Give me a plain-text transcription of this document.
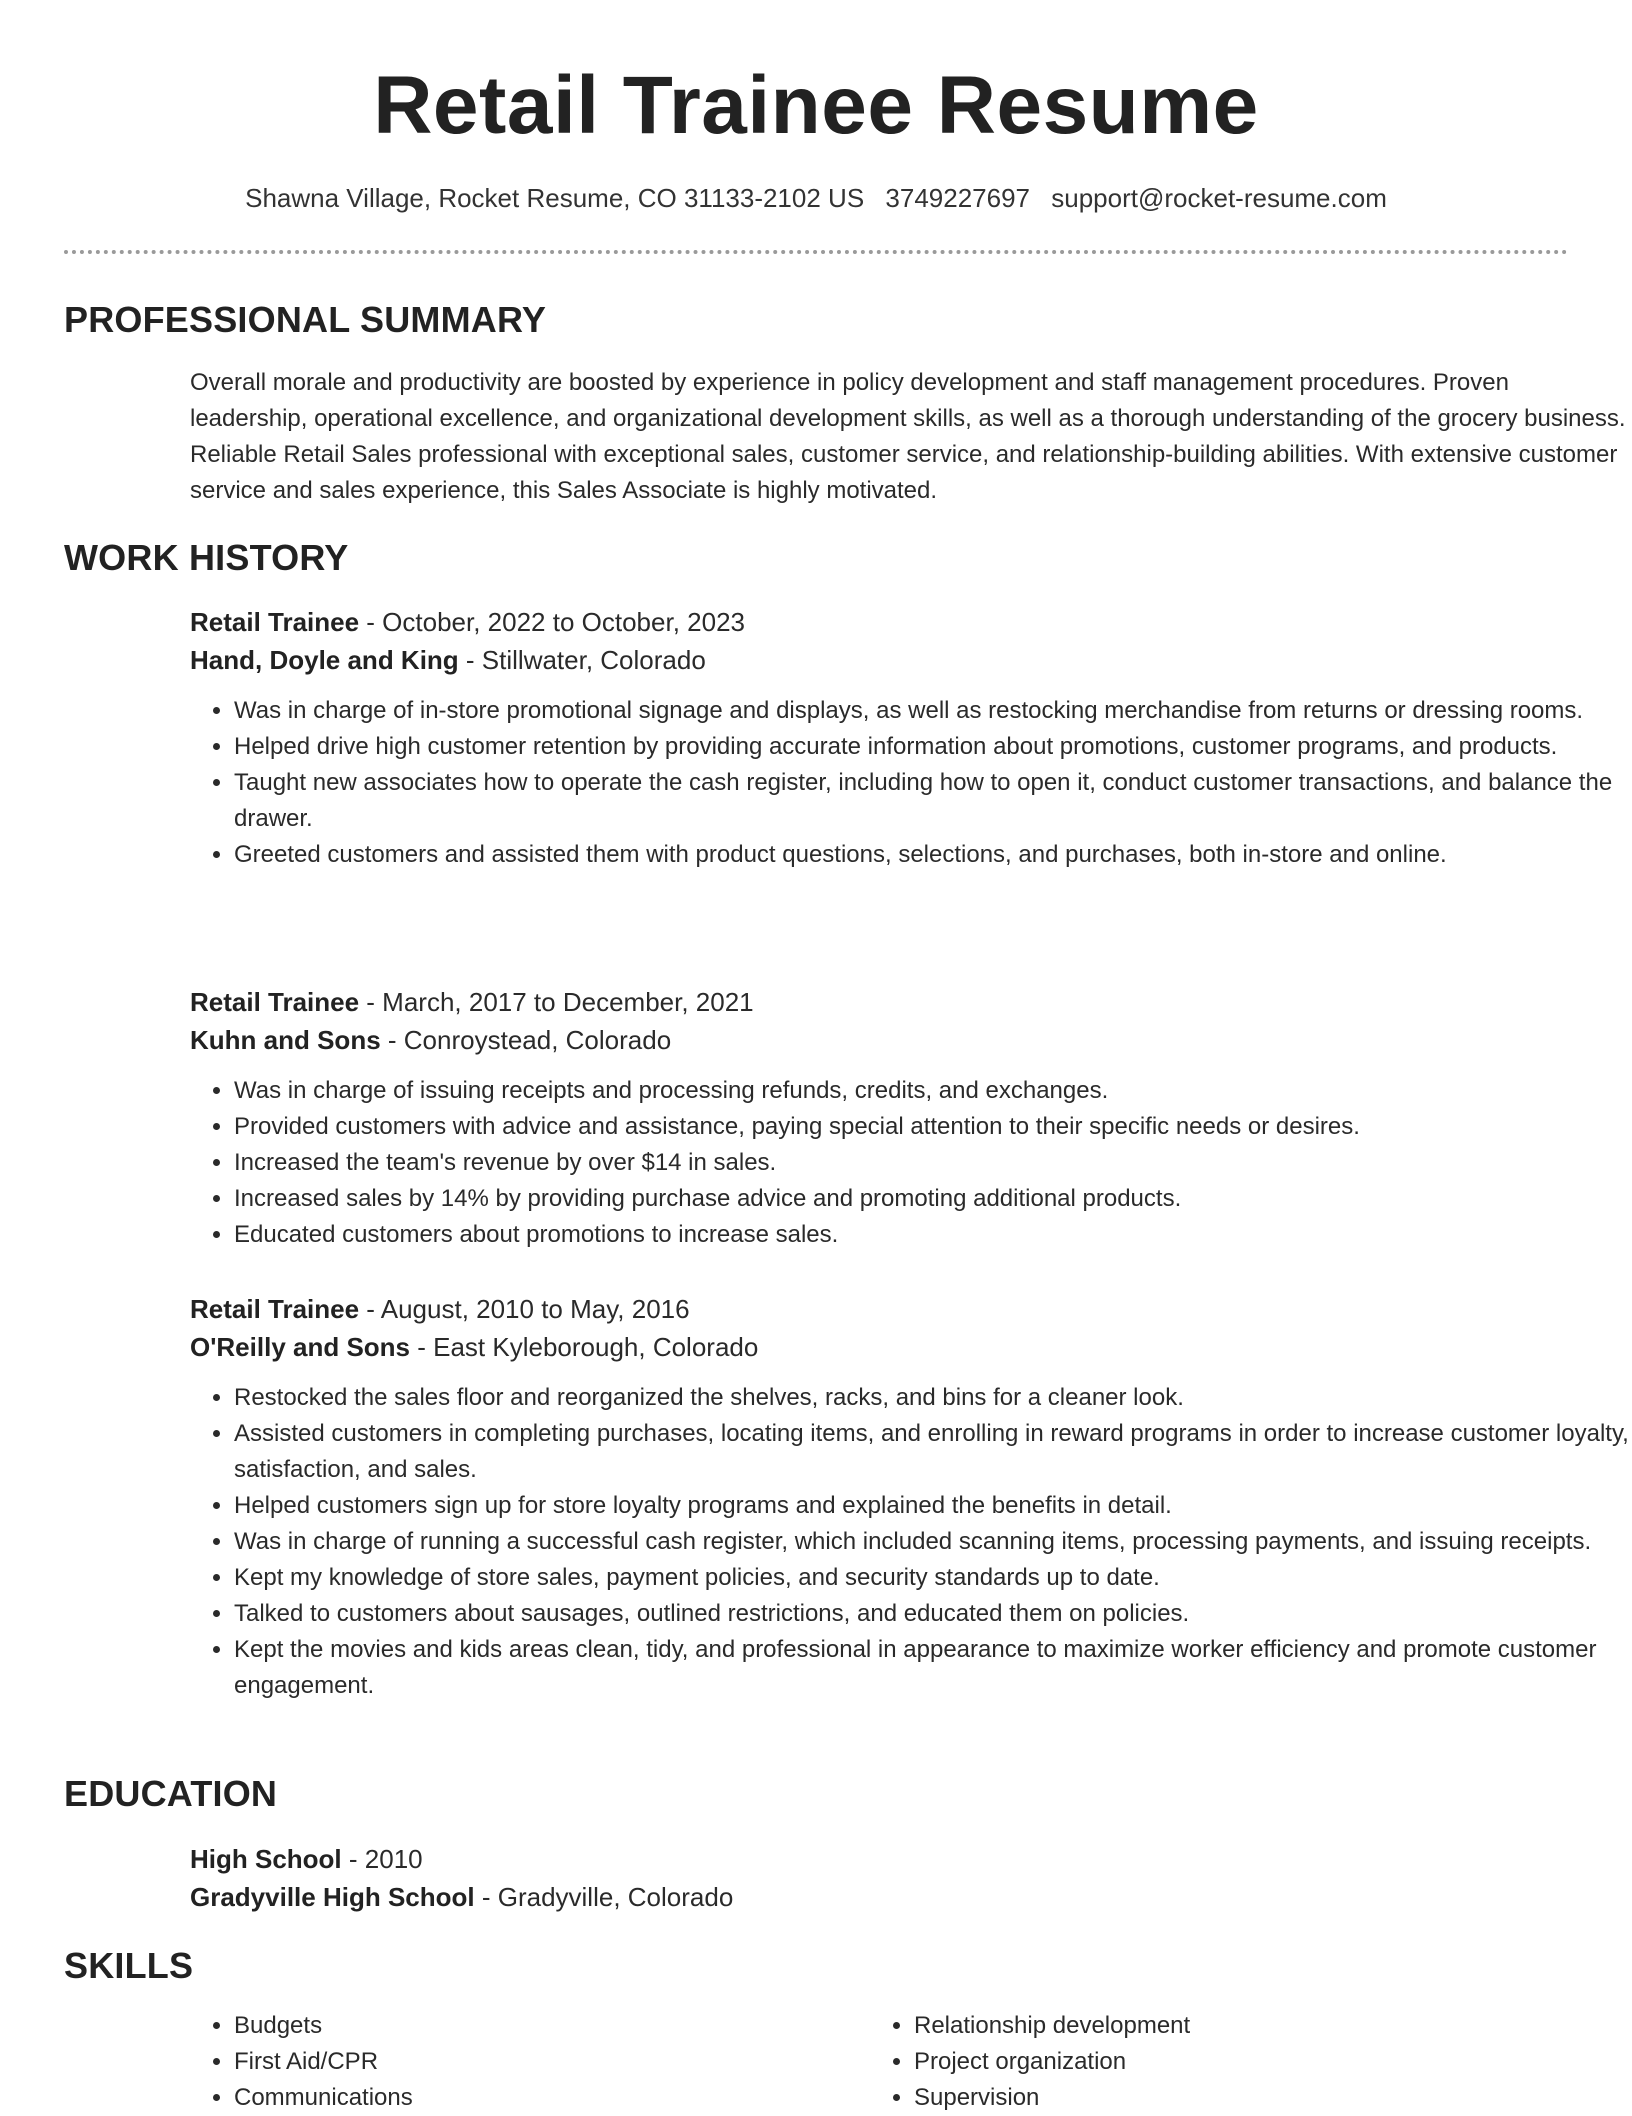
Retail Trainee Resume
Shawna Village, Rocket Resume, CO 31133-2102 US 3749227697 support@rocket-resume.com
PROFESSIONAL SUMMARY

Overall morale and productivity are boosted by experience in policy development and staff management procedures. Proven leadership, operational excellence, and organizational development skills, as well as a thorough understanding of the grocery business. Reliable Retail Sales professional with exceptional sales, customer service, and relationship-building abilities. With extensive customer service and sales experience, this Sales Associate is highly motivated.

WORK HISTORY
Retail Trainee - October, 2022 to October, 2023
Hand, Doyle and King - Stillwater, Colorado
• Was in charge of in-store promotional signage and displays, as well as restocking merchandise from returns or dressing rooms.
• Helped drive high customer retention by providing accurate information about promotions, customer programs, and products.
• Taught new associates how to operate the cash register, including how to open it, conduct customer transactions, and balance the drawer.
• Greeted customers and assisted them with product questions, selections, and purchases, both in-store and online.
Retail Trainee - March, 2017 to December, 2021
Kuhn and Sons - Conroystead, Colorado
• Was in charge of issuing receipts and processing refunds, credits, and exchanges.
• Provided customers with advice and assistance, paying special attention to their specific needs or desires.
• Increased the team's revenue by over $14 in sales.
• Increased sales by 14% by providing purchase advice and promoting additional products.
• Educated customers about promotions to increase sales.
Retail Trainee - August, 2010 to May, 2016
O'Reilly and Sons - East Kyleborough, Colorado
• Restocked the sales floor and reorganized the shelves, racks, and bins for a cleaner look.
• Assisted customers in completing purchases, locating items, and enrolling in reward programs in order to increase customer loyalty, satisfaction, and sales.
• Helped customers sign up for store loyalty programs and explained the benefits in detail.
• Was in charge of running a successful cash register, which included scanning items, processing payments, and issuing receipts.
• Kept my knowledge of store sales, payment policies, and security standards up to date.
• Talked to customers about sausages, outlined restrictions, and educated them on policies.
• Kept the movies and kids areas clean, tidy, and professional in appearance to maximize worker efficiency and promote customer engagement.
EDUCATION
High School - 2010
Gradyville High School - Gradyville, Colorado
SKILLS
• Budgets
• First Aid/CPR
• Communications
• Relationship development
• Project organization
• Supervision
